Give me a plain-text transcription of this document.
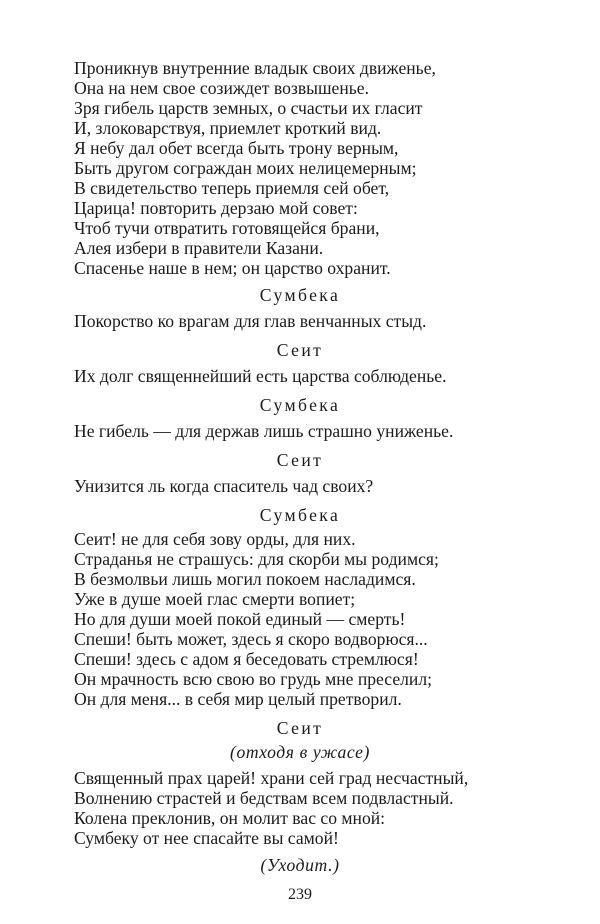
Проникнув внутренние владык своих движенье,
Она на нем свое созиждет возвышенье.
Зря гибель царств земных, о счастьи их гласит
И, злоковарствуя, приемлет кроткий вид.
Я небу дал обет всегда быть трону верным,
Быть другом сограждан моих нелицемерным;
В свидетельство теперь приемля сей обет,
Царица! повторить дерзаю мой совет:
Чтоб тучи отвратить готовящейся брани,
Алея избери в правители Казани.
Спасенье наше в нем; он царство охранит.
Сумбека
Покорство ко врагам для глав венчанных стыд.
Сеит
Их долг священнейший есть царства соблюденье.
Сумбека
Не гибель — для держав лишь страшно униженье.
Сеит
Унизится ль когда спаситель чад своих?
Сумбека
Сеит! не для себя зову орды, для них.
Страданья не страшусь: для скорби мы родимся;
В безмолвьи лишь могил покоем насладимся.
Уже в душе моей глас смерти вопиет;
Но для души моей покой единый — смерть!
Спеши! быть может, здесь я скоро водворюся...
Спеши! здесь с адом я беседовать стремлюся!
Он мрачность всю свою во грудь мне преселил;
Он для меня... в себя мир целый претворил.
Сеит
(отходя в ужасе)
Священный прах царей! храни сей град несчастный,
Волнению страстей и бедствам всем подвластный.
Колена преклонив, он молит вас со мной:
Сумбеку от нее спасайте вы самой!
(Уходит.)
239
